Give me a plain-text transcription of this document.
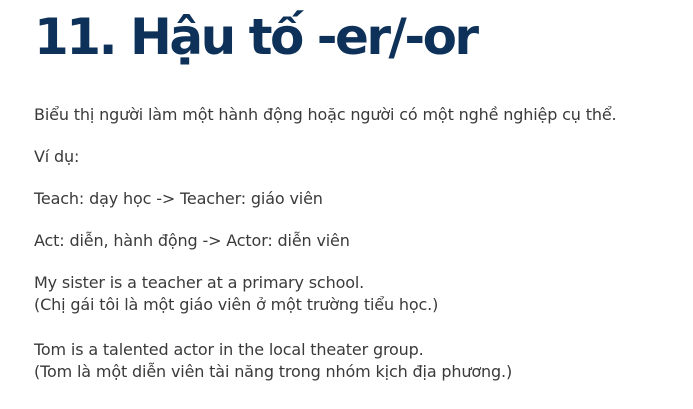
11. Hậu tố -er/-or

Biểu thị người làm một hành động hoặc người có một nghề nghiệp cụ thể.

Ví dụ:

Teach: dạy học -> Teacher: giáo viên

Act: diễn, hành động -> Actor: diễn viên

My sister is a teacher at a primary school.
(Chị gái tôi là một giáo viên ở một trường tiểu học.)

Tom is a talented actor in the local theater group.
(Tom là một diễn viên tài năng trong nhóm kịch địa phương.)
